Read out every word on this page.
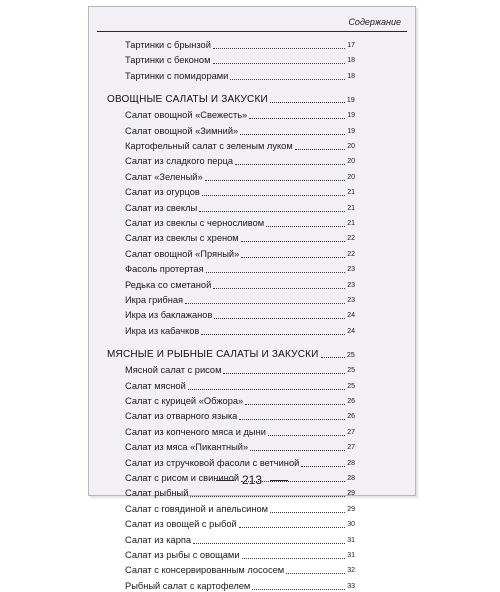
Содержание
Тартинки с брынзой	17
Тартинки с беконом	18
Тартинки с помидорами	18
ОВОЩНЫЕ САЛАТЫ И ЗАКУСКИ	19
Салат овощной «Свежесть»	19
Салат овощной «Зимний»	19
Картофельный салат с зеленым луком	20
Салат из сладкого перца	20
Салат «Зеленый»	20
Салат из огурцов	21
Салат из свеклы	21
Салат из свеклы с черносливом	21
Салат из свеклы с хреном	22
Салат овощной «Пряный»	22
Фасоль протертая	23
Редька со сметаной	23
Икра грибная	23
Икра из баклажанов	24
Икра из кабачков	24
МЯСНЫЕ И РЫБНЫЕ САЛАТЫ И ЗАКУСКИ	25
Мясной салат с рисом	25
Салат мясной	25
Салат с курицей «Обжора»	26
Салат из отварного языка	26
Салат из копченого мяса и дыни	27
Салат из мяса «Пикантный»	27
Салат из стручковой фасоли с ветчиной	28
Салат с рисом и свининой	28
Салат рыбный	29
Салат с говядиной и апельсином	29
Салат из овощей с рыбой	30
Салат из карпа	31
Салат из рыбы с овощами	31
Салат с консервированным лососем	32
Рыбный салат с картофелем	33
213
